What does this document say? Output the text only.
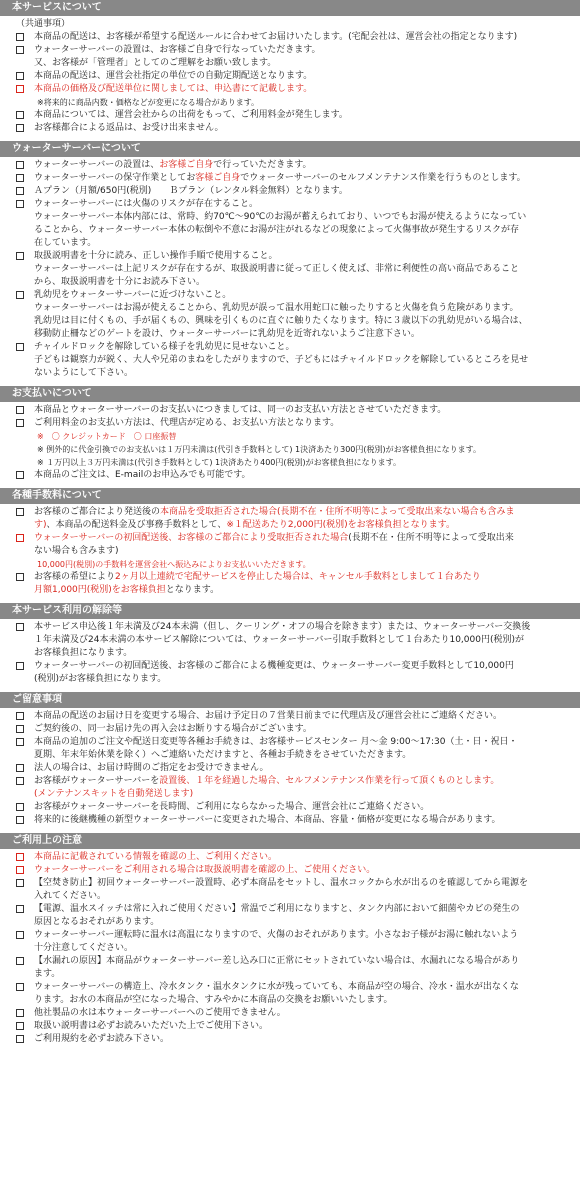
本サービスについて
（共通事項）
本商品の配送は、お客様が希望する配送ルールに合わせてお届けいたします。(宅配会社は、運営会社の指定となります)
ウォーターサーバーの設置は、お客様ご自身で行なっていただきます。
又、お客様が「管理者」としてのご理解をお願い致します。
本商品の配送は、運営会社指定の単位での自動定期配送となります。
本商品の価格及び配送単位に関しましては、申込書にて記載します。
※将来的に商品内数・価格などが変更になる場合があります。
本商品については、運営会社からの出荷をもって、ご利用料金が発生します。
お客様都合による返品は、お受け出来ません。
ウォーターサーバーについて
ウォーターサーバーの設置は、お客様ご自身で行っていただきます。
ウォーターサーバーの保守作業としてお客様ご自身でウォーターサーバーのセルフメンテナンス作業を行うものとします。
Ａプラン（月額/650円(税別)　　Ｂプラン（レンタル料金無料）となります。
ウォーターサーバーには火傷のリスクが存在すること。
ウォーターサーバー本体内部には、常時、約70℃〜90℃のお湯が蓄えられており、いつでもお湯が使えるようになってい
ることから、ウォーターサーバー本体の転倒や不意にお湯が注がれるなどの現象によって火傷事故が発生するリスクが存
在しています。
取扱説明書を十分に読み、正しい操作手順で使用すること。
ウォーターサーバーは上記リスクが存在するが、取扱説明書に従って正しく使えば、非常に利便性の高い商品であること
から、取扱説明書を十分にお読み下さい。
乳幼児をウォーターサーバーに近づけないこと。
ウォーターサーバーはお湯が使えることから、乳幼児が誤って温水用蛇口に触ったりすると火傷を負う危険があります。
乳幼児は目に付くもの、手が届くもの、興味を引くものに直ぐに触りたくなります。特に３歳以下の乳幼児がいる場合は、
移動防止柵などのゲートを設け、ウォーターサーバーに乳幼児を近寄れないようご注意下さい。
チャイルドロックを解除している様子を乳幼児に見せないこと。
子どもは観察力が鋭く、大人や兄弟のまねをしたがりますので、子どもにはチャイルドロックを解除しているところを見せ
ないようにして下さい。
お支払いについて
本商品とウォーターサーバーのお支払いにつきましては、同一のお支払い方法とさせていただきます。
ご利用料金のお支払い方法は、代理店が定める、お支払い方法となります。
※　〇 クレジットカード　〇 口座振替
※ 例外的に代金引換でのお支払いは１万円未満は(代引き手数料として) 1決済あたり300円(税別)がお客様負担になります。
※ １万円以上３万円未満は(代引き手数料として) 1決済あたり400円(税別)がお客様負担になります。
本商品のご注文は、E-mailのお申込みでも可能です。
各種手数料について
お客様のご都合により発送後の本商品を受取拒否された場合(長期不在・住所不明等によって受取出来ない場合も含みま
す)、本商品の配送料金及び事務手数料として、※１配送あたり2,000円(税別)をお客様負担となります。
ウォーターサーバーの初回配送後、お客様のご都合により受取拒否された場合(長期不在・住所不明等によって受取出来
ない場合も含みます)
10,000円(税別)の手数料を運営会社へ振込みによりお支払いいただきます。
お客様の希望により2ヶ月以上連続で宅配サービスを停止した場合は、キャンセル手数料としまして１台あたり
月額1,000円(税別)をお客様負担となります。
本サービス利用の解除等
本サービス申込後１年未満及び24本未満（但し、クーリング・オフの場合を除きます）または、ウォーターサーバー交換後
１年未満及び24本未満の本サービス解除については、ウォーターサーバー引取手数料として１台あたり10,000円(税別)が
お客様負担になります。
ウォーターサーバーの初回配送後、お客様のご都合による機種変更は、ウォーターサーバー変更手数料として10,000円
(税別)がお客様負担になります。
ご留意事項
本商品の配送のお届け日を変更する場合、お届け予定日の７営業日前までに代理店及び運営会社にご連絡ください。
ご契約後の、同一お届け先の再入会はお断りする場合がございます。
本商品の追加のご注文や配送日変更等各種お手続きは、お客様サービスセンター 月〜金 9:00〜17:30（土・日・祝日・
夏期、年末年始休業を除く）へご連絡いただけますと、各種お手続きをさせていただきます。
法人の場合は、お届け時間のご指定をお受けできません。
お客様がウォーターサーバーを設置後、１年を経過した場合、セルフメンテナンス作業を行って頂くものとします。
(メンテナンスキットを自動発送します)
お客様がウォーターサーバーを長時間、ご利用にならなかった場合、運営会社にご連絡ください。
将来的に後継機種の新型ウォーターサーバーに変更された場合、本商品、容量・価格が変更になる場合があります。
ご利用上の注意
本商品に記載されている情報を確認の上、ご利用ください。
ウォーターサーバーをご利用される場合は取扱説明書を確認の上、ご使用ください。
【空焚き防止】初回ウォーターサーバー設置時、必ず本商品をセットし、温水コックから水が出るのを確認してから電源を
入れてください。
【電源、温水スイッチは常に入れご使用ください】常温でご利用になりますと、タンク内部において細菌やカビの発生の
原因となるおそれがあります。
ウォーターサーバー運転時に温水は高温になりますので、火傷のおそれがあります。小さなお子様がお湯に触れないよう
十分注意してください。
【水漏れの原因】本商品がウォーターサーバー差し込み口に正常にセットされていない場合は、水漏れになる場合があり
ます。
ウォーターサーバーの構造上、冷水タンク・温水タンクに水が残っていても、本商品が空の場合、冷水・温水が出なくな
ります。お水の本商品が空になった場合、すみやかに本商品の交換をお願いいたします。
他社製品の水は本ウォーターサーバーへのご使用できません。
取扱い説明書は必ずお読みいただいた上でご使用下さい。
ご利用規約を必ずお読み下さい。
